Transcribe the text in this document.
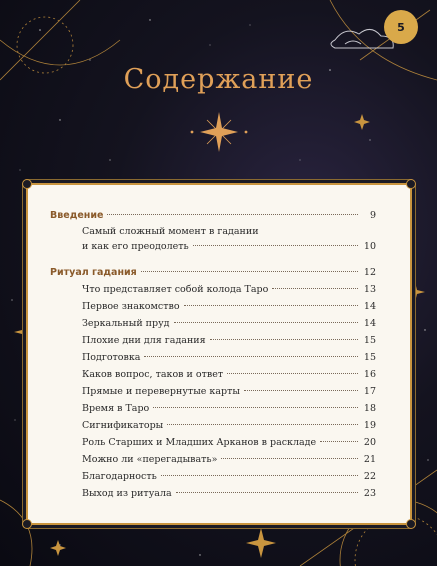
5
Содержание
Введение	9
Самый сложный момент в гадании
и как его преодолеть	10
Ритуал гадания	12
Что представляет собой колода Таро	13
Первое знакомство	14
Зеркальный пруд	14
Плохие дни для гадания	15
Подготовка	15
Каков вопрос, таков и ответ	16
Прямые и перевернутые карты	17
Время в Таро	18
Сигнификаторы	19
Роль Старших и Младших Арканов в раскладе	20
Можно ли «перегадывать»	21
Благодарность	22
Выход из ритуала	23
